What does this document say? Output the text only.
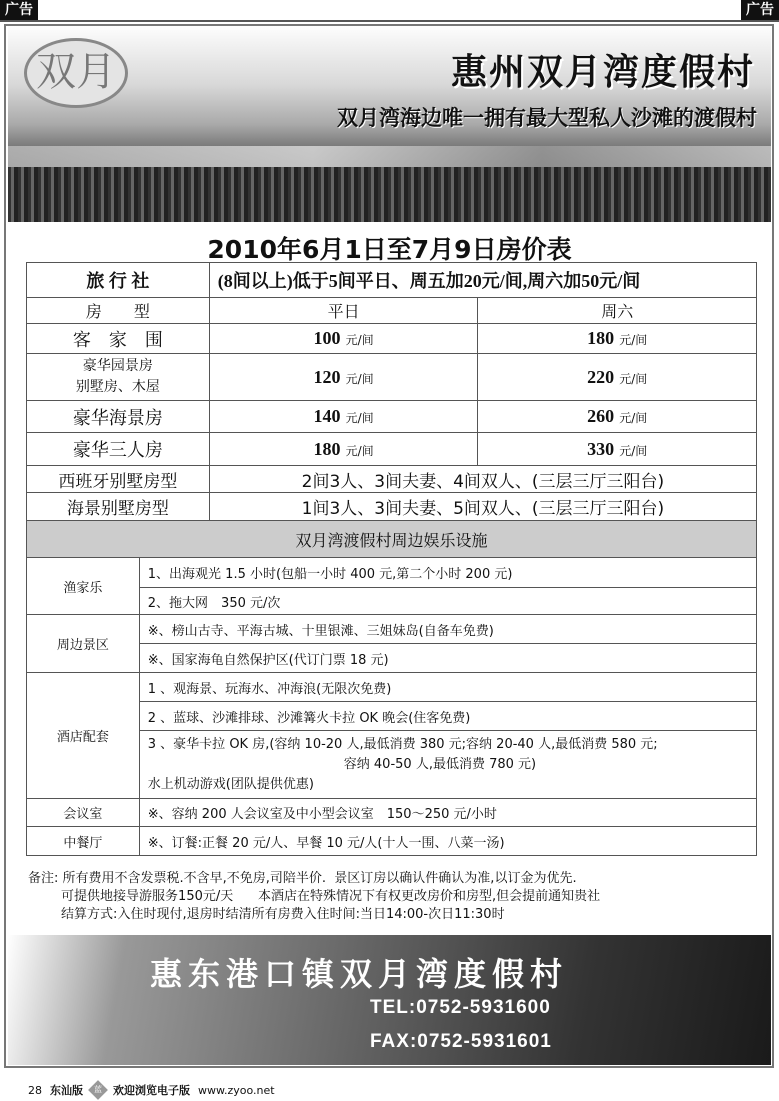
广告	广告
双月	惠州双月湾度假村
双月湾海边唯一拥有最大型私人沙滩的渡假村
2010年6月1日至7月9日房价表
旅 行 社	(8间以上)低于5间平日、周五加20元/间,周六加50元/间	
房　　型	平日	周六
客　家　围	100 元/间	180 元/间

豪华园景房
别墅房、木屋	120 元/间	220 元/间
豪华海景房	140 元/间	260 元/间
豪华三人房	180 元/间	330 元/间
西班牙别墅房型	2间3人、3间夫妻、4间双人、(三层三厅三阳台)	
海景别墅房型	1间3人、3间夫妻、5间双人、(三层三厅三阳台)	
双月湾渡假村周边娱乐设施	
渔家乐	1、出海观光 1.5 小时(包船一小时 400 元,第二个小时 200 元)
	2、拖大网　350 元/次
周边景区	※、榜山古寺、平海古城、十里银滩、三姐妹岛(自备车免费)
	※、国家海龟自然保护区(代订门票 18 元)
酒店配套	1 、观海景、玩海水、冲海浪(无限次免费)
	2 、蓝球、沙滩排球、沙滩篝火卡拉 OK 晚会(住客免费)

	3 、豪华卡拉 OK 房,(容纳 10-20 人,最低消费 380 元;容纳 20-40 人,最低消费 580 元;
容纳 40-50 人,最低消费 780 元)
水上机动游戏(团队提供优惠)

会议室	※、容纳 200 人会议室及中小型会议室　150～250 元/小时
中餐厅	※、订餐:正餐 20 元/人、早餐 10 元/人(十人一围、八菜一汤)
备注: 所有费用不含发票税.不含早,不免房,司陪半价.  景区订房以确认件确认为准,以订金为优先.
可提供地接导游服务150元/天      本酒店在特殊情况下有权更改房价和房型,但会提前通知贵社
结算方式:入住时现付,退房时结清所有房费入住时间:当日14:00-次日11:30时
惠东港口镇双月湾度假村
TEL:0752-5931600
FAX:0752-5931601
28 东汕版	蓝	欢迎浏览电子版 www.zyoo.net
